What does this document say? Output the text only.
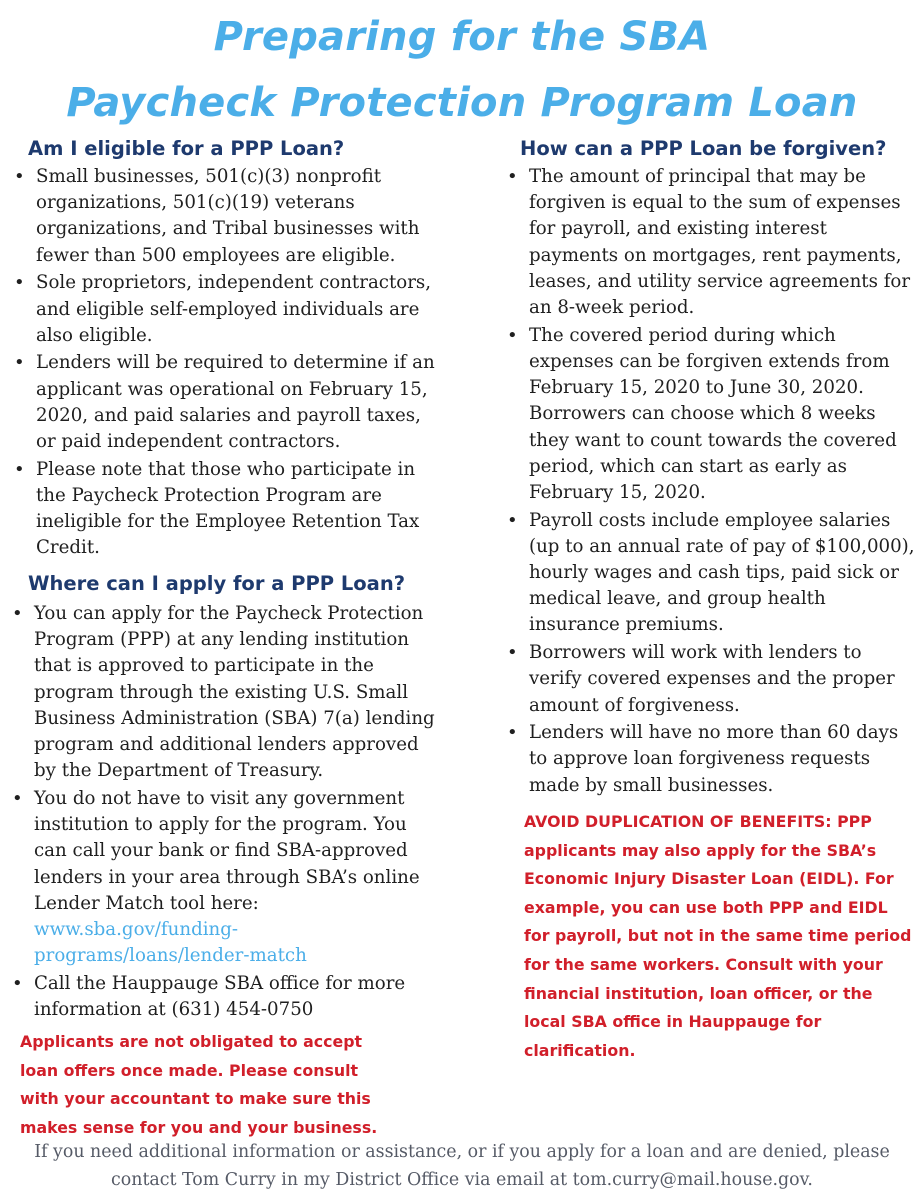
Preparing for the SBA
Paycheck Protection Program Loan
Am I eligible for a PPP Loan?
• Small businesses, 501(c)(3) nonprofit organizations, 501(c)(19) veterans organizations, and Tribal businesses with fewer than 500 employees are eligible.
• Sole proprietors, independent contractors, and eligible self-employed individuals are also eligible.
• Lenders will be required to determine if an applicant was operational on February 15, 2020, and paid salaries and payroll taxes, or paid independent contractors.
• Please note that those who participate in the Paycheck Protection Program are ineligible for the Employee Retention Tax Credit.
Where can I apply for a PPP Loan?
• You can apply for the Paycheck Protection Program (PPP) at any lending institution that is approved to participate in the program through the existing U.S. Small Business Administration (SBA) 7(a) lending program and additional lenders approved by the Department of Treasury.
• You do not have to visit any government institution to apply for the program. You can call your bank or find SBA-approved lenders in your area through SBA’s online Lender Match tool here:
www.sba.gov/funding-programs/loans/lender-match
• Call the Hauppauge SBA office for more information at (631) 454-0750
Applicants are not obligated to accept loan offers once made. Please consult with your accountant to make sure this makes sense for you and your business.
How can a PPP Loan be forgiven?
• The amount of principal that may be forgiven is equal to the sum of expenses for payroll, and existing interest payments on mortgages, rent payments, leases, and utility service agreements for an 8-week period.
• The covered period during which expenses can be forgiven extends from February 15, 2020 to June 30, 2020. Borrowers can choose which 8 weeks they want to count towards the covered period, which can start as early as February 15, 2020.
• Payroll costs include employee salaries (up to an annual rate of pay of $100,000), hourly wages and cash tips, paid sick or medical leave, and group health insurance premiums.
• Borrowers will work with lenders to verify covered expenses and the proper amount of forgiveness.
• Lenders will have no more than 60 days to approve loan forgiveness requests made by small businesses.
AVOID DUPLICATION OF BENEFITS: PPP applicants may also apply for the SBA’s Economic Injury Disaster Loan (EIDL). For example, you can use both PPP and EIDL for payroll, but not in the same time period for the same workers. Consult with your financial institution, loan officer, or the local SBA office in Hauppauge for clarification.
If you need additional information or assistance, or if you apply for a loan and are denied, please
contact Tom Curry in my District Office via email at tom.curry@mail.house.gov.
